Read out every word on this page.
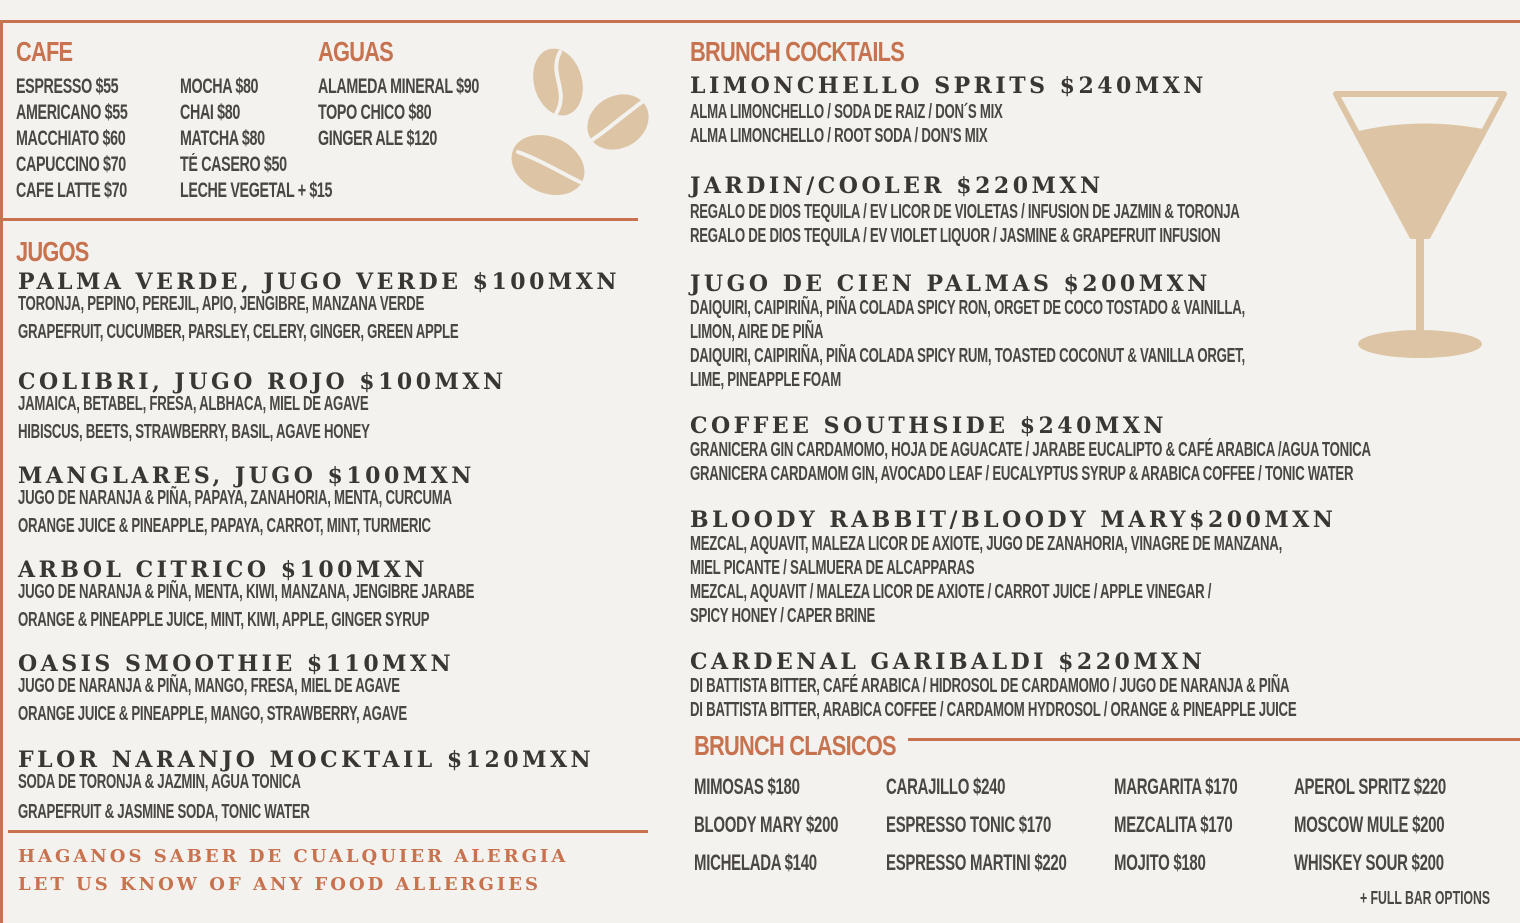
CAFE
ESPRESSO $55
AMERICANO $55
MACCHIATO $60
CAPUCCINO $70
CAFE LATTE $70
MOCHA $80
CHAI $80
MATCHA $80
TÉ CASERO $50
LECHE VEGETAL + $15
AGUAS
ALAMEDA MINERAL $90
TOPO CHICO $80
GINGER ALE $120
JUGOS
PALMA VERDE, JUGO VERDE $100MXN
TORONJA, PEPINO, PEREJIL, APIO, JENGIBRE, MANZANA VERDE
GRAPEFRUIT, CUCUMBER, PARSLEY, CELERY, GINGER, GREEN APPLE
COLIBRI, JUGO ROJO $100MXN
JAMAICA, BETABEL, FRESA, ALBHACA, MIEL DE AGAVE
HIBISCUS, BEETS, STRAWBERRY, BASIL, AGAVE HONEY
MANGLARES, JUGO $100MXN
JUGO DE NARANJA & PIÑA, PAPAYA, ZANAHORIA, MENTA, CURCUMA
ORANGE JUICE & PINEAPPLE, PAPAYA, CARROT, MINT, TURMERIC
ARBOL CITRICO $100MXN
JUGO DE NARANJA & PIÑA, MENTA, KIWI, MANZANA, JENGIBRE JARABE
ORANGE & PINEAPPLE JUICE, MINT, KIWI, APPLE, GINGER SYRUP
OASIS SMOOTHIE $110MXN
JUGO DE NARANJA & PIÑA, MANGO, FRESA, MIEL DE AGAVE
ORANGE JUICE & PINEAPPLE, MANGO, STRAWBERRY, AGAVE
FLOR NARANJO MOCKTAIL $120MXN
SODA DE TORONJA & JAZMIN, AGUA TONICA
GRAPEFRUIT & JASMINE SODA, TONIC WATER
HAGANOS SABER DE CUALQUIER ALERGIA
LET US KNOW OF ANY FOOD ALLERGIES
BRUNCH COCKTAILS
LIMONCHELLO SPRITS $240MXN
ALMA LIMONCHELLO / SODA DE RAIZ / DON´S MIX
ALMA LIMONCHELLO / ROOT SODA / DON'S MIX
JARDIN/COOLER $220MXN
REGALO DE DIOS TEQUILA / EV LICOR DE VIOLETAS / INFUSION DE JAZMIN & TORONJA
REGALO DE DIOS TEQUILA / EV VIOLET LIQUOR / JASMINE & GRAPEFRUIT INFUSION
JUGO DE CIEN PALMAS $200MXN
DAIQUIRI, CAIPIRIÑA, PIÑA COLADA SPICY RON, ORGET DE COCO TOSTADO & VAINILLA,
LIMON, AIRE DE PIÑA
DAIQUIRI, CAIPIRIÑA, PIÑA COLADA SPICY RUM, TOASTED COCONUT & VANILLA ORGET,
LIME, PINEAPPLE FOAM
COFFEE SOUTHSIDE $240MXN
GRANICERA GIN CARDAMOMO, HOJA DE AGUACATE / JARABE EUCALIPTO & CAFÉ ARABICA /AGUA TONICA
GRANICERA CARDAMOM GIN, AVOCADO LEAF / EUCALYPTUS SYRUP & ARABICA COFFEE / TONIC WATER
BLOODY RABBIT/BLOODY MARY$200MXN
MEZCAL, AQUAVIT, MALEZA LICOR DE AXIOTE, JUGO DE ZANAHORIA, VINAGRE DE MANZANA,
MIEL PICANTE / SALMUERA DE ALCAPPARAS
MEZCAL, AQUAVIT / MALEZA LICOR DE AXIOTE / CARROT JUICE / APPLE VINEGAR /
SPICY HONEY / CAPER BRINE
CARDENAL GARIBALDI $220MXN
DI BATTISTA BITTER, CAFÉ ARABICA / HIDROSOL DE CARDAMOMO / JUGO DE NARANJA & PIÑA
DI BATTISTA BITTER, ARABICA COFFEE / CARDAMOM HYDROSOL / ORANGE & PINEAPPLE JUICE
BRUNCH CLASICOS
MIMOSAS $180	CARAJILLO $240	MARGARITA $170	APEROL SPRITZ $220
BLOODY MARY $200 ESPRESSO TONIC $170	MEZCALITA $170	MOSCOW MULE $200
MICHELADA $140	ESPRESSO MARTINI $220 MOJITO $180	WHISKEY SOUR $200
+ FULL BAR OPTIONS
